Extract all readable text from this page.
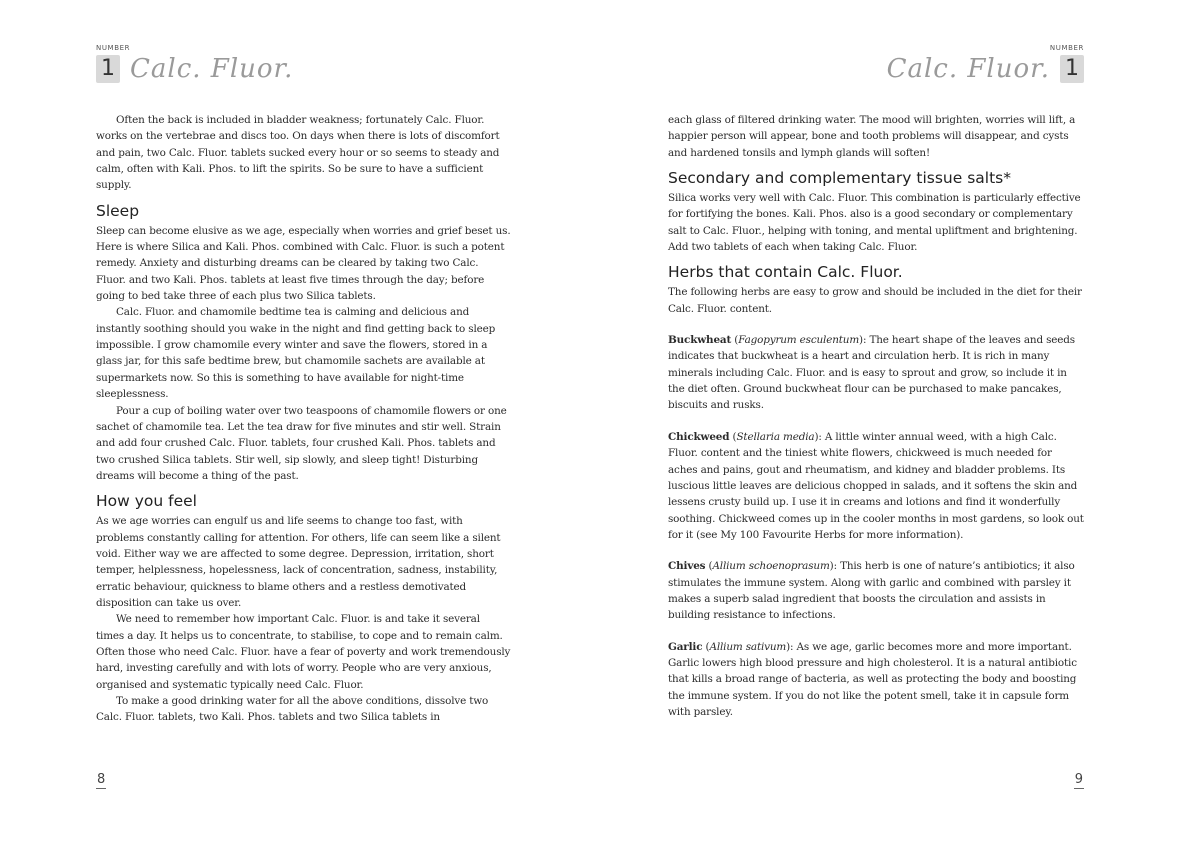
NUMBER
1 Calc. Fluor.

Often the back is included in bladder weakness; fortunately Calc. Fluor. works on the vertebrae and discs too. On days when there is lots of discomfort and pain, two Calc. Fluor. tablets sucked every hour or so seems to steady and calm, often with Kali. Phos. to lift the spirits. So be sure to have a sufficient supply.

Sleep

Sleep can become elusive as we age, especially when worries and grief beset us. Here is where Silica and Kali. Phos. combined with Calc. Fluor. is such a potent remedy. Anxiety and disturbing dreams can be cleared by taking two Calc. Fluor. and two Kali. Phos. tablets at least five times through the day; before going to bed take three of each plus two Silica tablets.

Calc. Fluor. and chamomile bedtime tea is calming and delicious and instantly soothing should you wake in the night and find getting back to sleep impossible. I grow chamomile every winter and save the flowers, stored in a glass jar, for this safe bedtime brew, but chamomile sachets are available at supermarkets now. So this is something to have available for night-time sleeplessness.

Pour a cup of boiling water over two teaspoons of chamomile flowers or one sachet of chamomile tea. Let the tea draw for five minutes and stir well. Strain and add four crushed Calc. Fluor. tablets, four crushed Kali. Phos. tablets and two crushed Silica tablets. Stir well, sip slowly, and sleep tight! Disturbing dreams will become a thing of the past.

How you feel

As we age worries can engulf us and life seems to change too fast, with problems constantly calling for attention. For others, life can seem like a silent void. Either way we are affected to some degree. Depression, irritation, short temper, helplessness, hopelessness, lack of concentration, sadness, instability, erratic behaviour, quickness to blame others and a restless demotivated disposition can take us over.

We need to remember how important Calc. Fluor. is and take it several times a day. It helps us to concentrate, to stabilise, to cope and to remain calm. Often those who need Calc. Fluor. have a fear of poverty and work tremendously hard, investing carefully and with lots of worry. People who are very anxious, organised and systematic typically need Calc. Fluor.

To make a good drinking water for all the above conditions, dissolve two Calc. Fluor. tablets, two Kali. Phos. tablets and two Silica tablets in

8
NUMBER
1
Calc. Fluor.

each glass of filtered drinking water. The mood will brighten, worries will lift, a happier person will appear, bone and tooth problems will disappear, and cysts and hardened tonsils and lymph glands will soften!

Secondary and complementary tissue salts*

Silica works very well with Calc. Fluor. This combination is particularly effective for fortifying the bones. Kali. Phos. also is a good secondary or complementary salt to Calc. Fluor., helping with toning, and mental upliftment and brightening. Add two tablets of each when taking Calc. Fluor.

Herbs that contain Calc. Fluor.

The following herbs are easy to grow and should be included in the diet for their Calc. Fluor. content.

Buckwheat (Fagopyrum esculentum): The heart shape of the leaves and seeds indicates that buckwheat is a heart and circulation herb. It is rich in many minerals including Calc. Fluor. and is easy to sprout and grow, so include it in the diet often. Ground buckwheat flour can be purchased to make pancakes, biscuits and rusks.

Chickweed (Stellaria media): A little winter annual weed, with a high Calc. Fluor. content and the tiniest white flowers, chickweed is much needed for aches and pains, gout and rheumatism, and kidney and bladder problems. Its luscious little leaves are delicious chopped in salads, and it softens the skin and lessens crusty build up. I use it in creams and lotions and find it wonderfully soothing. Chickweed comes up in the cooler months in most gardens, so look out for it (see My 100 Favourite Herbs for more information).

Chives (Allium schoenoprasum): This herb is one of nature’s antibiotics; it also stimulates the immune system. Along with garlic and combined with parsley it makes a superb salad ingredient that boosts the circulation and assists in building resistance to infections.

Garlic (Allium sativum): As we age, garlic becomes more and more important. Garlic lowers high blood pressure and high cholesterol. It is a natural antibiotic that kills a broad range of bacteria, as well as protecting the body and boosting the immune system. If you do not like the potent smell, take it in capsule form with parsley.

9
